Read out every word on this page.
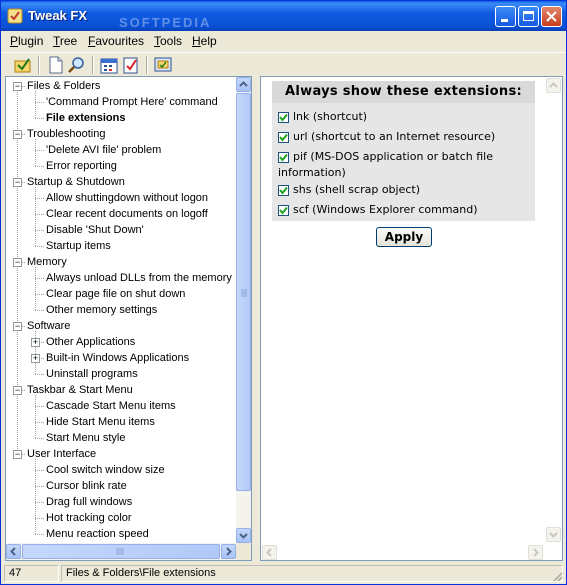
Tweak FX SOFTPEDIA
Plugin Tree Favourites Tools Help
Files & Folders
−
'Command Prompt Here' command
File extensions
Troubleshooting
−
'Delete AVI file' problem
Error reporting
Startup & Shutdown
−
Allow shuttingdown without logon
Clear recent documents on logoff
Disable 'Shut Down'
Startup items
Memory
−
Always unload DLLs from the memory
Clear page file on shut down
Other memory settings
Software
−
Other Applications
+
Built-in Windows Applications
+
Uninstall programs
Taskbar & Start Menu
−
Cascade Start Menu items
Hide Start Menu items
Start Menu style
User Interface
−
Cool switch window size
Cursor blink rate
Drag full windows
Hot tracking color
Menu reaction speed
Always show these extensions:
lnk (shortcut)
url (shortcut to an Internet resource)
pif (MS-DOS application or batch file information)
shs (shell scrap object)
scf (Windows Explorer command)
Apply
47	Files & Folders\File extensions
